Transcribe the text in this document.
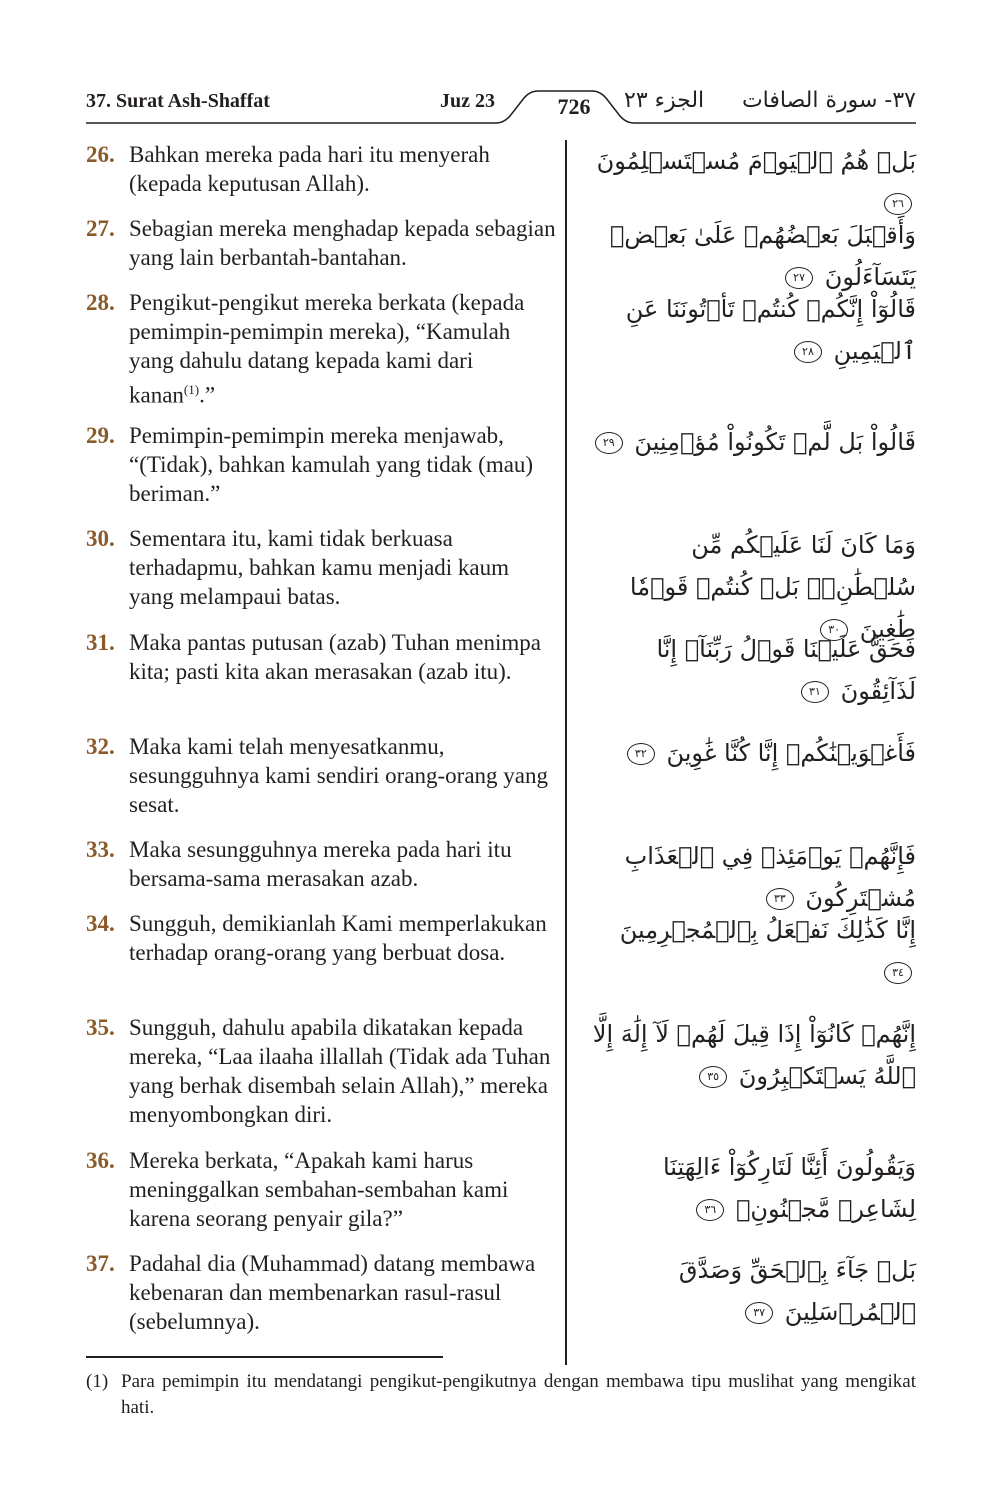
37. Surat Ash-Shaffat	Juz 23	726	الجزء ٢٣ ٣٧- سورة الصافات
26. Bahkan mereka pada hari itu menyerah (kepada keputusan Allah).
بَلۡ هُمُ ٱلۡيَوۡمَ مُسۡتَسۡلِمُونَ ٢٦
27. Sebagian mereka menghadap kepada sebagian yang lain berbantah-bantahan.
وَأَقۡبَلَ بَعۡضُهُمۡ عَلَىٰ بَعۡضٖ يَتَسَآءَلُونَ ٢٧
28. Pengikut-pengikut mereka berkata (kepada pemimpin-pemimpin mereka), “Kamulah yang dahulu datang kepada kami dari kanan$^{(1)}$.”
قَالُوٓاْ إِنَّكُمۡ كُنتُمۡ تَأۡتُونَنَا عَنِ ٱلۡيَمِينِ ٢٨
29. Pemimpin-pemimpin mereka menjawab, “(Tidak), bahkan kamulah yang tidak (mau) beriman.”
قَالُواْ بَل لَّمۡ تَكُونُواْ مُؤۡمِنِينَ ٢٩
30. Sementara itu, kami tidak berkuasa terhadapmu, bahkan kamu menjadi kaum yang melampaui batas.
وَمَا كَانَ لَنَا عَلَيۡكُم مِّن سُلۡطَٰنِۭۖ بَلۡ كُنتُمۡ قَوۡمٗا طَٰغِينَ ٣٠
31. Maka pantas putusan (azab) Tuhan menimpa kita; pasti kita akan merasakan (azab itu).
فَحَقَّ عَلَيۡنَا قَوۡلُ رَبِّنَآۖ إِنَّا لَذَآئِقُونَ ٣١
32. Maka kami telah menyesatkanmu, sesungguhnya kami sendiri orang-orang yang sesat.
فَأَغۡوَيۡنَٰكُمۡ إِنَّا كُنَّا غَٰوِينَ ٣٢
33. Maka sesungguhnya mereka pada hari itu bersama-sama merasakan azab.
فَإِنَّهُمۡ يَوۡمَئِذٖ فِي ٱلۡعَذَابِ مُشۡتَرِكُونَ ٣٣
34. Sungguh, demikianlah Kami memperlakukan terhadap orang-orang yang berbuat dosa.
إِنَّا كَذَٰلِكَ نَفۡعَلُ بِٱلۡمُجۡرِمِينَ ٣٤
35. Sungguh, dahulu apabila dikatakan kepada mereka, “Laa ilaaha illallah (Tidak ada Tuhan yang berhak disembah selain Allah),” mereka menyombongkan diri.
إِنَّهُمۡ كَانُوٓاْ إِذَا قِيلَ لَهُمۡ لَآ إِلَٰهَ إِلَّا ٱللَّهُ يَسۡتَكۡبِرُونَ ٣٥
36. Mereka berkata, “Apakah kami harus meninggalkan sembahan-sembahan kami karena seorang penyair gila?”
وَيَقُولُونَ أَئِنَّا لَتَارِكُوٓاْ ءَالِهَتِنَا لِشَاعِرٖ مَّجۡنُونِۭ ٣٦
37. Padahal dia (Muhammad) datang membawa kebenaran dan membenarkan rasul-rasul (sebelumnya).
بَلۡ جَآءَ بِٱلۡحَقِّ وَصَدَّقَ ٱلۡمُرۡسَلِينَ ٣٧
(1) Para pemimpin itu mendatangi pengikut-pengikutnya dengan membawa tipu muslihat yang mengikat hati.
